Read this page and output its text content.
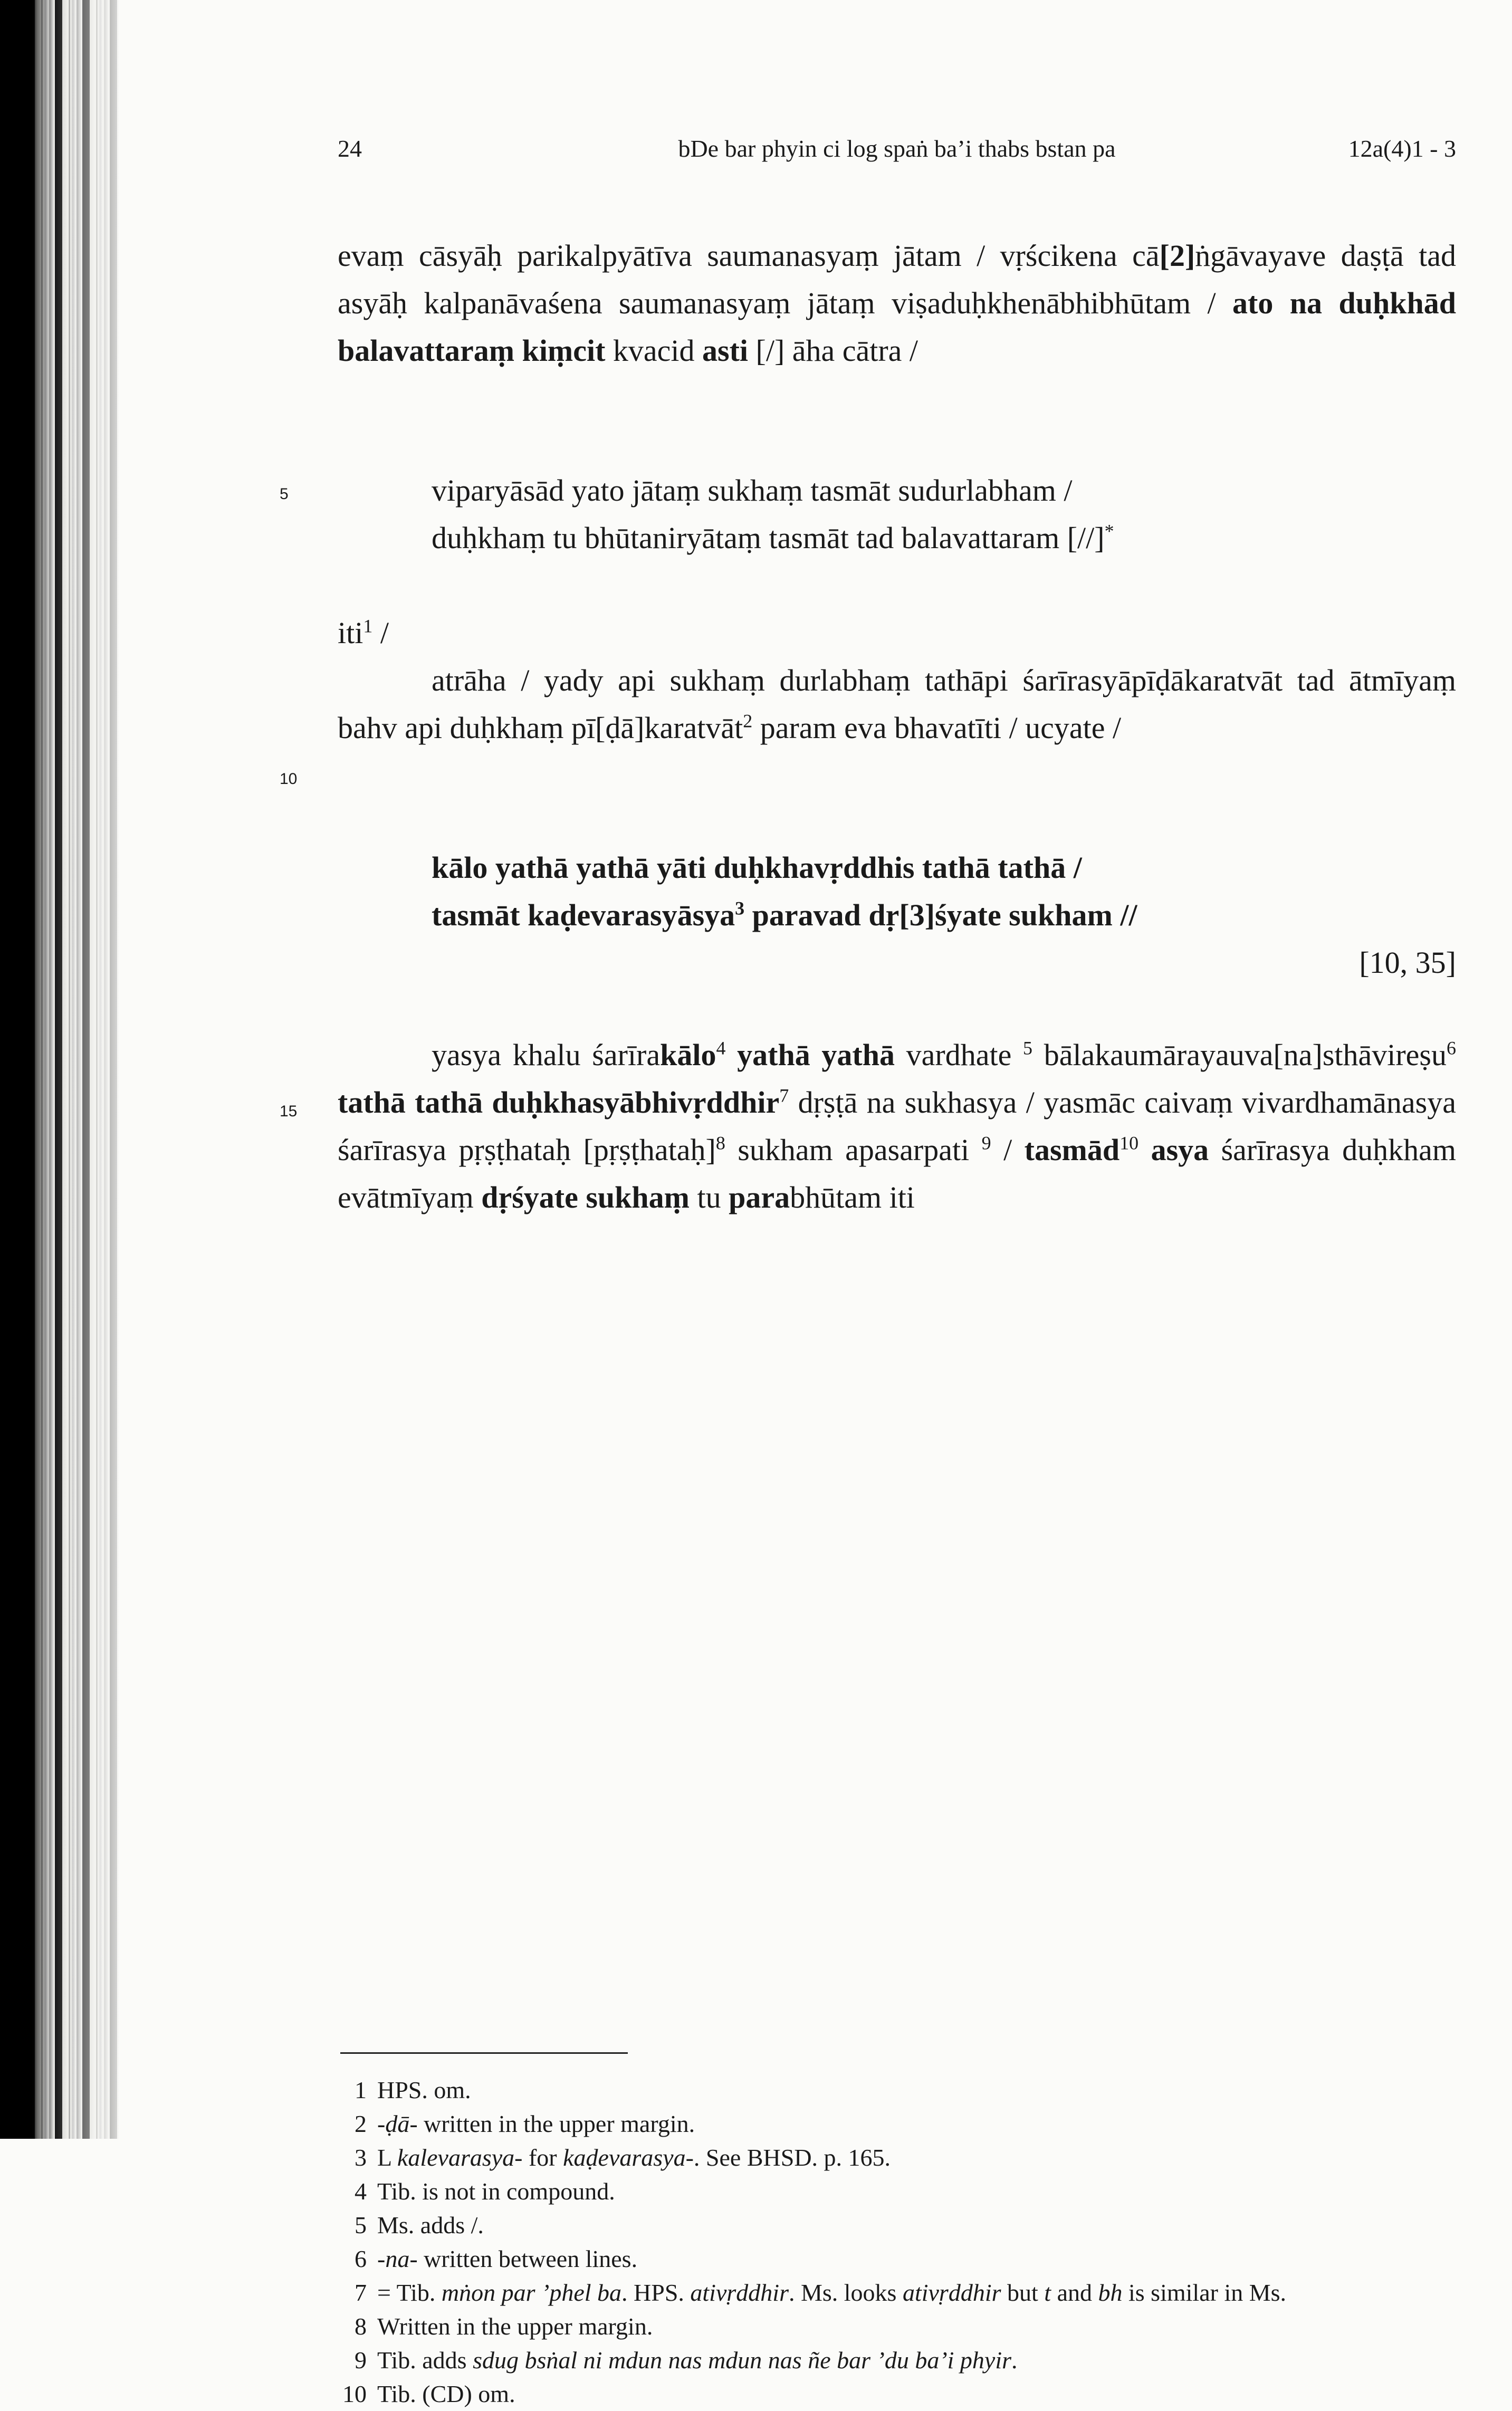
24	bDe bar phyin ci log spaṅ ba’i thabs bstan pa	12a(4)1 - 3
5
10
15
evaṃ cāsyāḥ parikalpyātīva saumanasyaṃ jātam / vṛścikena cā[2]ṅgāvayave daṣṭā tad asyāḥ kalpanāvaśena saumanasyaṃ jātaṃ viṣaduḥkhenābhibhūtam / ato na duḥkhād balavattaraṃ kiṃcit kvacid asti [/] āha cātra /
viparyāsād yato jātaṃ sukhaṃ tasmāt sudurlabham /
duḥkhaṃ tu bhūtaniryātaṃ tasmāt tad balavattaram [//]*
iti$^1$ /
atrāha / yady api sukhaṃ durlabhaṃ tathāpi śarīrasyāpīḍākaratvāt tad ātmīyaṃ bahv api duḥkhaṃ pī[ḍā]karatvāt$^2$ param eva bhavatīti / ucyate /
kālo yathā yathā yāti duḥkhavṛddhis tathā tathā /
tasmāt kaḍevarasyāsya$^3$ paravad dṛ[3]śyate sukham //
[10, 35]
yasya khalu śarīrakālo$^4$ yathā yathā vardhate $^5$ bālakaumārayauva[na]sthāvireṣu$^6$ tathā tathā duḥkhasyābhivṛddhir$^7$ dṛṣṭā na sukhasya / yasmāc caivaṃ vivardhamānasya śarīrasya pṛṣṭhataḥ [pṛṣṭhataḥ]$^8$ sukham apasarpati $^9$ / tasmād$^{10}$ asya śarīrasya duḥkham evātmīyaṃ dṛśyate sukhaṃ tu parabhūtam iti
1 HPS. om.
2 -ḍā- written in the upper margin.
3 L kalevarasya- for kaḍevarasya-. See BHSD. p. 165.
4 Tib. is not in compound.
5 Ms. adds /.
6 -na- written between lines.
7 = Tib. mṅon par ’phel ba. HPS. ativṛddhir. Ms. looks ativṛddhir but t and bh is similar in Ms.
8 Written in the upper margin.
9 Tib. adds sdug bsṅal ni mdun nas mdun nas ñe bar ’du ba’i phyir.
10 Tib. (CD) om.
